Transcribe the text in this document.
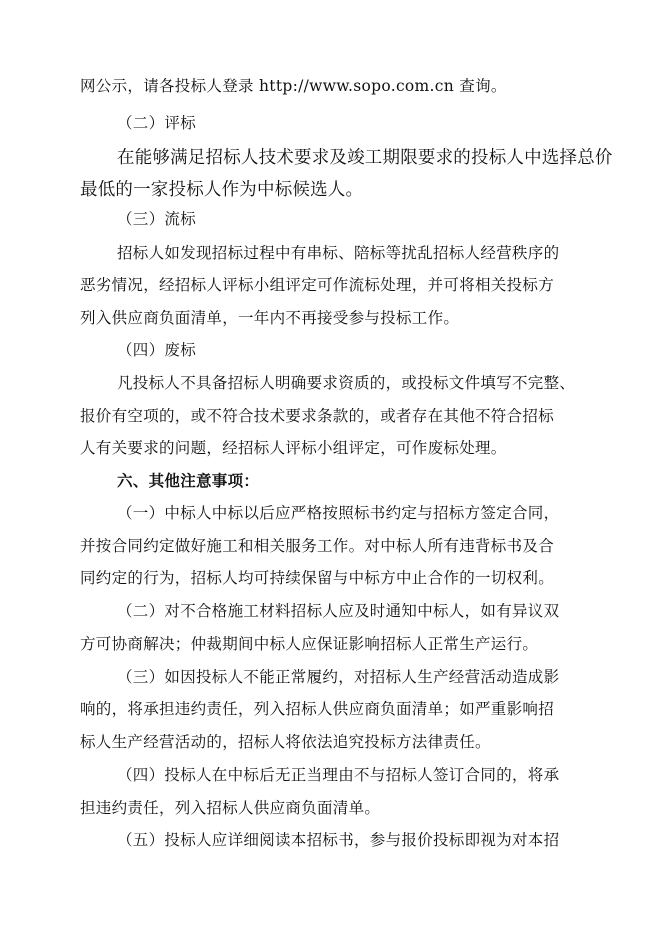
网公示，请各投标人登录 http://www.sopo.com.cn 查询。
（二）评标
在能够满足招标人技术要求及竣工期限要求的投标人中选择总价
最低的一家投标人作为中标候选人。
（三）流标
招标人如发现招标过程中有串标、陪标等扰乱招标人经营秩序的
恶劣情况，经招标人评标小组评定可作流标处理，并可将相关投标方
列入供应商负面清单，一年内不再接受参与投标工作。
（四）废标
凡投标人不具备招标人明确要求资质的，或投标文件填写不完整、
报价有空项的，或不符合技术要求条款的，或者存在其他不符合招标
人有关要求的问题，经招标人评标小组评定，可作废标处理。
六、其他注意事项：
（一）中标人中标以后应严格按照标书约定与招标方签定合同，
并按合同约定做好施工和相关服务工作。对中标人所有违背标书及合
同约定的行为，招标人均可持续保留与中标方中止合作的一切权利。
（二）对不合格施工材料招标人应及时通知中标人，如有异议双
方可协商解决；仲裁期间中标人应保证影响招标人正常生产运行。
（三）如因投标人不能正常履约，对招标人生产经营活动造成影
响的，将承担违约责任，列入招标人供应商负面清单；如严重影响招
标人生产经营活动的，招标人将依法追究投标方法律责任。
（四）投标人在中标后无正当理由不与招标人签订合同的，将承
担违约责任，列入招标人供应商负面清单。
（五）投标人应详细阅读本招标书，参与报价投标即视为对本招
